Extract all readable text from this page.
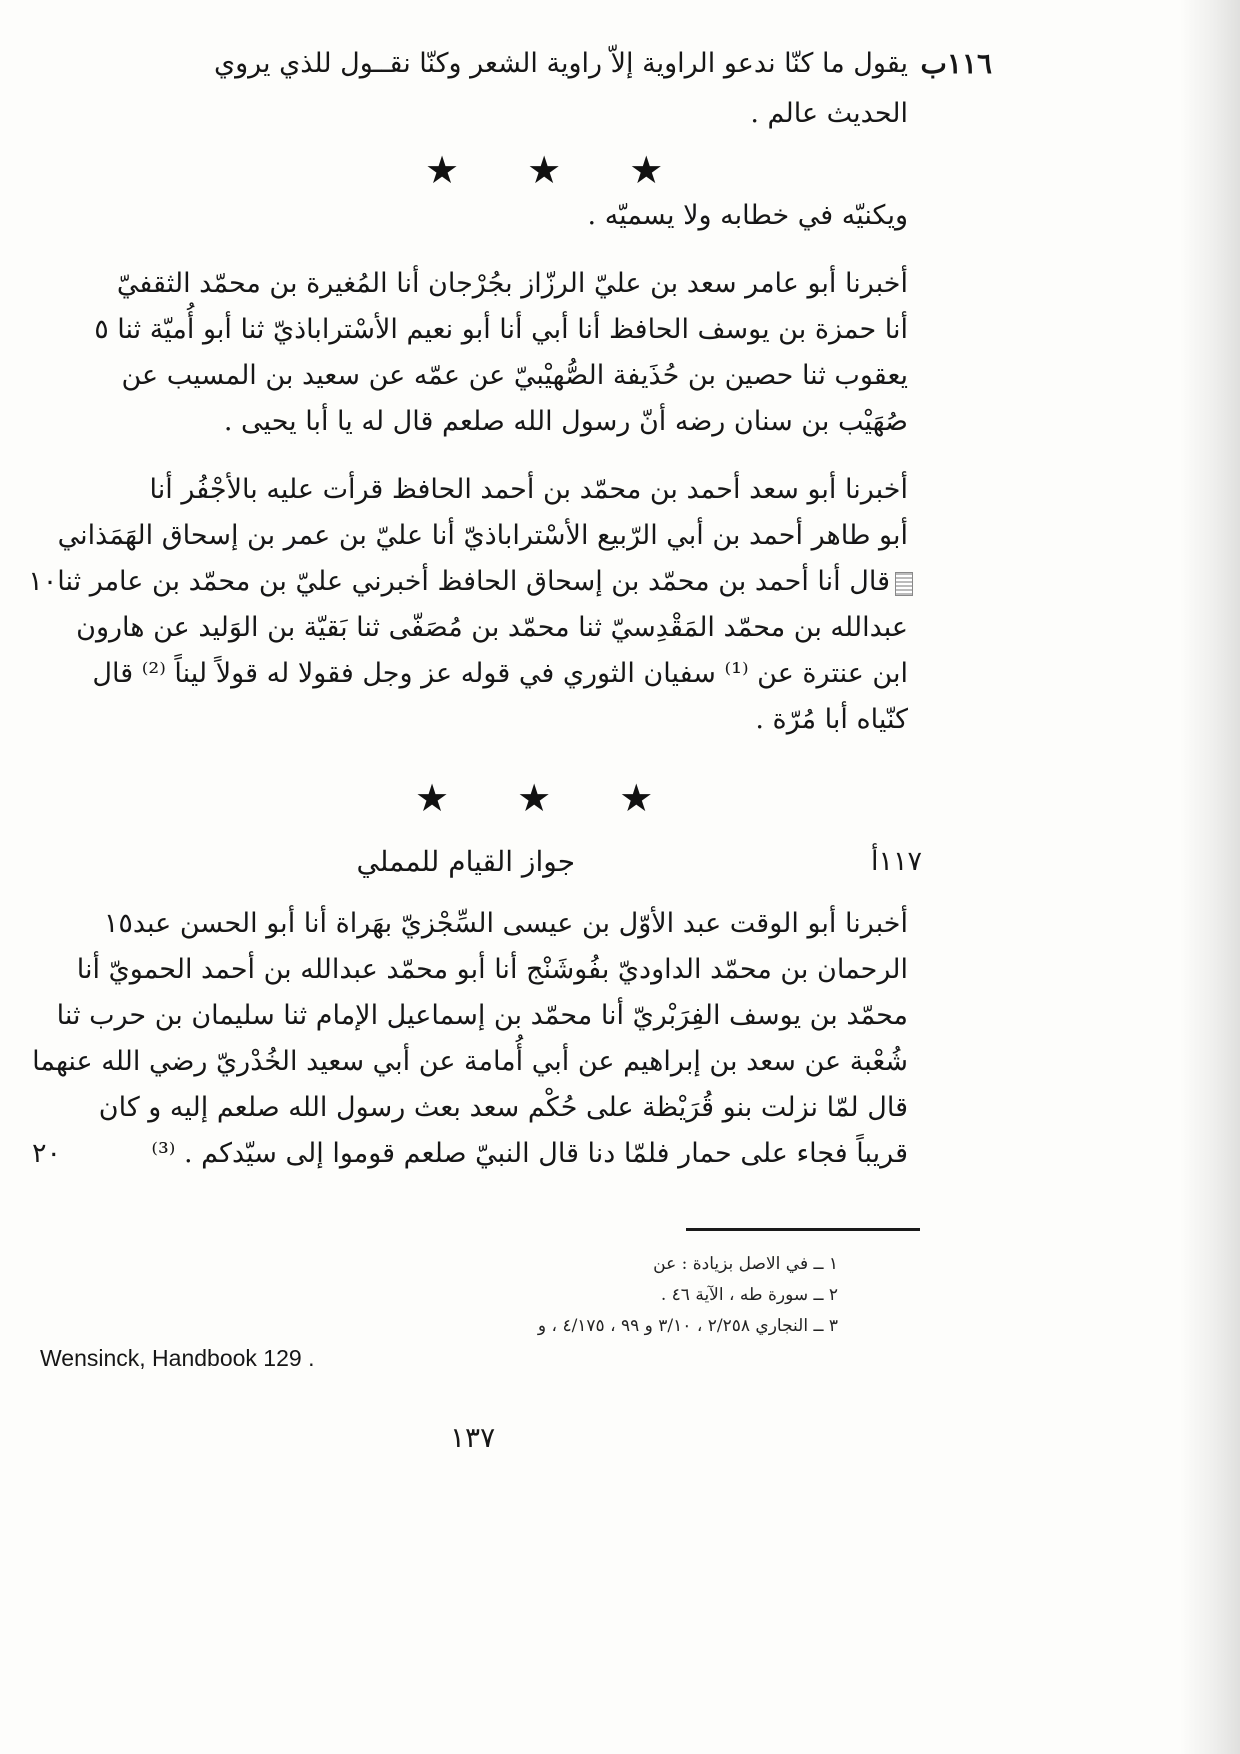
١١٦ب
يقول ما كنّا ندعو الراوية إلاّ راوية الشعر وكنّا نقــول للذي يروي
الحديث عالم .
★ ★ ★
ويكنيّه في خطابه ولا يسميّه .
أخبرنا أبو عامر سعد بن عليّ الرزّاز بجُرْجان أنا المُغيرة بن محمّد الثقفيّ
أنا حمزة بن يوسف الحافظ أنا أبي أنا أبو نعيم الأسْتراباذيّ ثنا أبو أُميّة ثنا ٥
يعقوب ثنا حصين بن حُذَيفة الصُّهيْبيّ عن عمّه عن سعيد بن المسيب عن
صُهَيْب بن سنان رضه أنّ رسول الله صلعم قال له يا أبا يحيى .
أخبرنا أبو سعد أحمد بن محمّد بن أحمد الحافظ قرأت عليه بالأجْفُر أنا
أبو طاهر أحمد بن أبي الرّبيع الأسْتراباذيّ أنا عليّ بن عمر بن إسحاق الهَمَذاني
قال أنا أحمد بن محمّد بن إسحاق الحافظ أخبرني عليّ بن محمّد بن عامر ثنا١٠
عبدالله بن محمّد المَقْدِسيّ ثنا محمّد بن مُصَفّى ثنا بَقيّة بن الوَليد عن هارون
ابن عنترة عن ⁽¹⁾ سفيان الثوري في قوله عز وجل فقولا له قولاً ليناً ⁽²⁾ قال
كنّياه أبا مُرّة .
★ ★ ★
١١٧أ
جواز القيام للمملي
أخبرنا أبو الوقت عبد الأوّل بن عيسى السِّجْزيّ بهَراة أنا أبو الحسن عبد١٥
الرحمان بن محمّد الداوديّ بفُوشَنْج أنا أبو محمّد عبدالله بن أحمد الحمويّ أنا
محمّد بن يوسف الفِرَبْريّ أنا محمّد بن إسماعيل الإمام ثنا سليمان بن حرب ثنا
شُعْبة عن سعد بن إبراهيم عن أبي أُمامة عن أبي سعيد الخُدْريّ رضي الله عنهما
قال لمّا نزلت بنو قُرَيْظة على حُكْم سعد بعث رسول الله صلعم إليه و كان
قريباً فجاء على حمار فلمّا دنا قال النبيّ صلعم قوموا إلى سيّدكم . ⁽³⁾
٢٠
١ ــ في الاصل بزيادة : عن
٢ ــ سورة طه ، الآية ٤٦ .
٣ ــ النجاري ٢/٢٥٨ ، ٣/١٠ و ٩٩ ، ٤/١٧٥ ، و
Wensinck, Handbook 129 .
١٣٧
